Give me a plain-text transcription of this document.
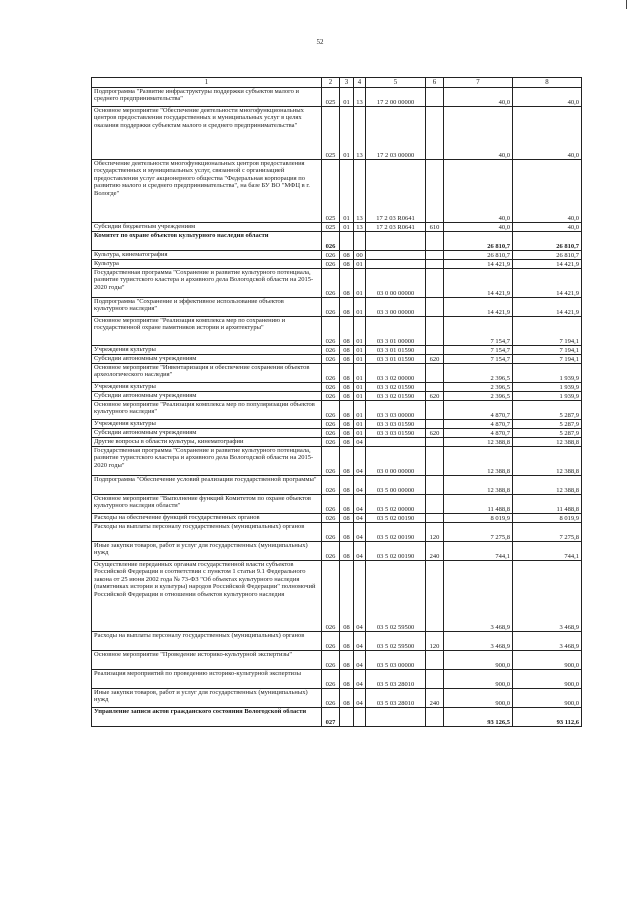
52
1	2	3	4	5	6	7	8
Подпрограмма "Развитие инфраструктуры поддержки субъектов малого и среднего предпринимательства"	025	01	13	17 2 00 00000		40,0	40,0
Основное мероприятие "Обеспечение деятельности многофункциональных центров предоставления государственных и муниципальных услуг в целях оказания поддержки субъектам малого и среднего предпринимательства"	025	01	13	17 2 03 00000		40,0	40,0
Обеспечение деятельности многофункциональных центров предоставления государственных и муниципальных услуг, связанной с организацией предоставления услуг акционерного общества "Федеральная корпорация по развитию малого и среднего предпринимательства", на базе БУ ВО "МФЦ в г. Вологде"	025	01	13	17 2 03 R0641		40,0	40,0
Субсидии бюджетным учреждениям	025	01	13	17 2 03 R0641	610	40,0	40,0
Комитет по охране объектов культурного наследия области	026					26 810,7	26 810,7
Культура, кинематография	026	08	00			26 810,7	26 810,7
Культура	026	08	01			14 421,9	14 421,9
Государственная программа "Сохранение и развитие культурного потенциала, развитие туристского кластера и архивного дела Вологодской области на 2015-2020 годы"	026	08	01	03 0 00 00000		14 421,9	14 421,9
Подпрограмма "Сохранение и эффективное использование объектов культурного наследия"	026	08	01	03 3 00 00000		14 421,9	14 421,9
Основное мероприятие "Реализация комплекса мер по сохранению и государственной охране памятников истории и архитектуры"	026	08	01	03 3 01 00000		7 154,7	7 194,1
Учреждения культуры	026	08	01	03 3 01 01590		7 154,7	7 194,1
Субсидии автономным учреждениям	026	08	01	03 3 01 01590	620	7 154,7	7 194,1
Основное мероприятие "Инвентаризация и обеспечение сохранения объектов археологического наследия"	026	08	01	03 3 02 00000		2 396,5	1 939,9
Учреждения культуры	026	08	01	03 3 02 01590		2 396,5	1 939,9
Субсидии автономным учреждениям	026	08	01	03 3 02 01590	620	2 396,5	1 939,9
Основное мероприятие "Реализация комплекса мер по популяризации объектов культурного наследия"	026	08	01	03 3 03 00000		4 870,7	5 287,9
Учреждения культуры	026	08	01	03 3 03 01590		4 870,7	5 287,9
Субсидии автономным учреждениям	026	08	01	03 3 03 01590	620	4 870,7	5 287,9
Другие вопросы в области культуры, кинематографии	026	08	04			12 388,8	12 388,8
Государственная программа "Сохранение и развитие культурного потенциала, развитие туристского кластера и архивного дела Вологодской области на 2015-2020 годы"	026	08	04	03 0 00 00000		12 388,8	12 388,8
Подпрограмма "Обеспечение условий реализации государственной программы"	026	08	04	03 5 00 00000		12 388,8	12 388,8
Основное мероприятие "Выполнение функций Комитетом по охране объектов культурного наследия области"	026	08	04	03 5 02 00000		11 488,8	11 488,8
Расходы на обеспечение функций государственных органов	026	08	04	03 5 02 00190		8 019,9	8 019,9
Расходы на выплаты персоналу государственных (муниципальных) органов	026	08	04	03 5 02 00190	120	7 275,8	7 275,8
Иные закупки товаров, работ и услуг для государственных (муниципальных) нужд	026	08	04	03 5 02 00190	240	744,1	744,1
Осуществление переданных органам государственной власти субъектов Российской Федерации в соответствии с пунктом 1 статьи 9.1 Федерального закона от 25 июня 2002 года № 73-ФЗ "Об объектах культурного наследия (памятниках истории и культуры) народов Российской Федерации" полномочий Российской Федерации в отношении объектов культурного наследия	026	08	04	03 5 02 59500		3 468,9	3 468,9
Расходы на выплаты персоналу государственных (муниципальных) органов	026	08	04	03 5 02 59500	120	3 468,9	3 468,9
Основное мероприятие "Проведение историко-культурной экспертизы"	026	08	04	03 5 03 00000		900,0	900,0
Реализация мероприятий по проведению историко-культурной экспертизы	026	08	04	03 5 03 28010		900,0	900,0
Иные закупки товаров, работ и услуг для государственных (муниципальных) нужд	026	08	04	03 5 03 28010	240	900,0	900,0
Управление записи актов гражданского состояния Вологодской области	027					93 126,5	93 112,6
